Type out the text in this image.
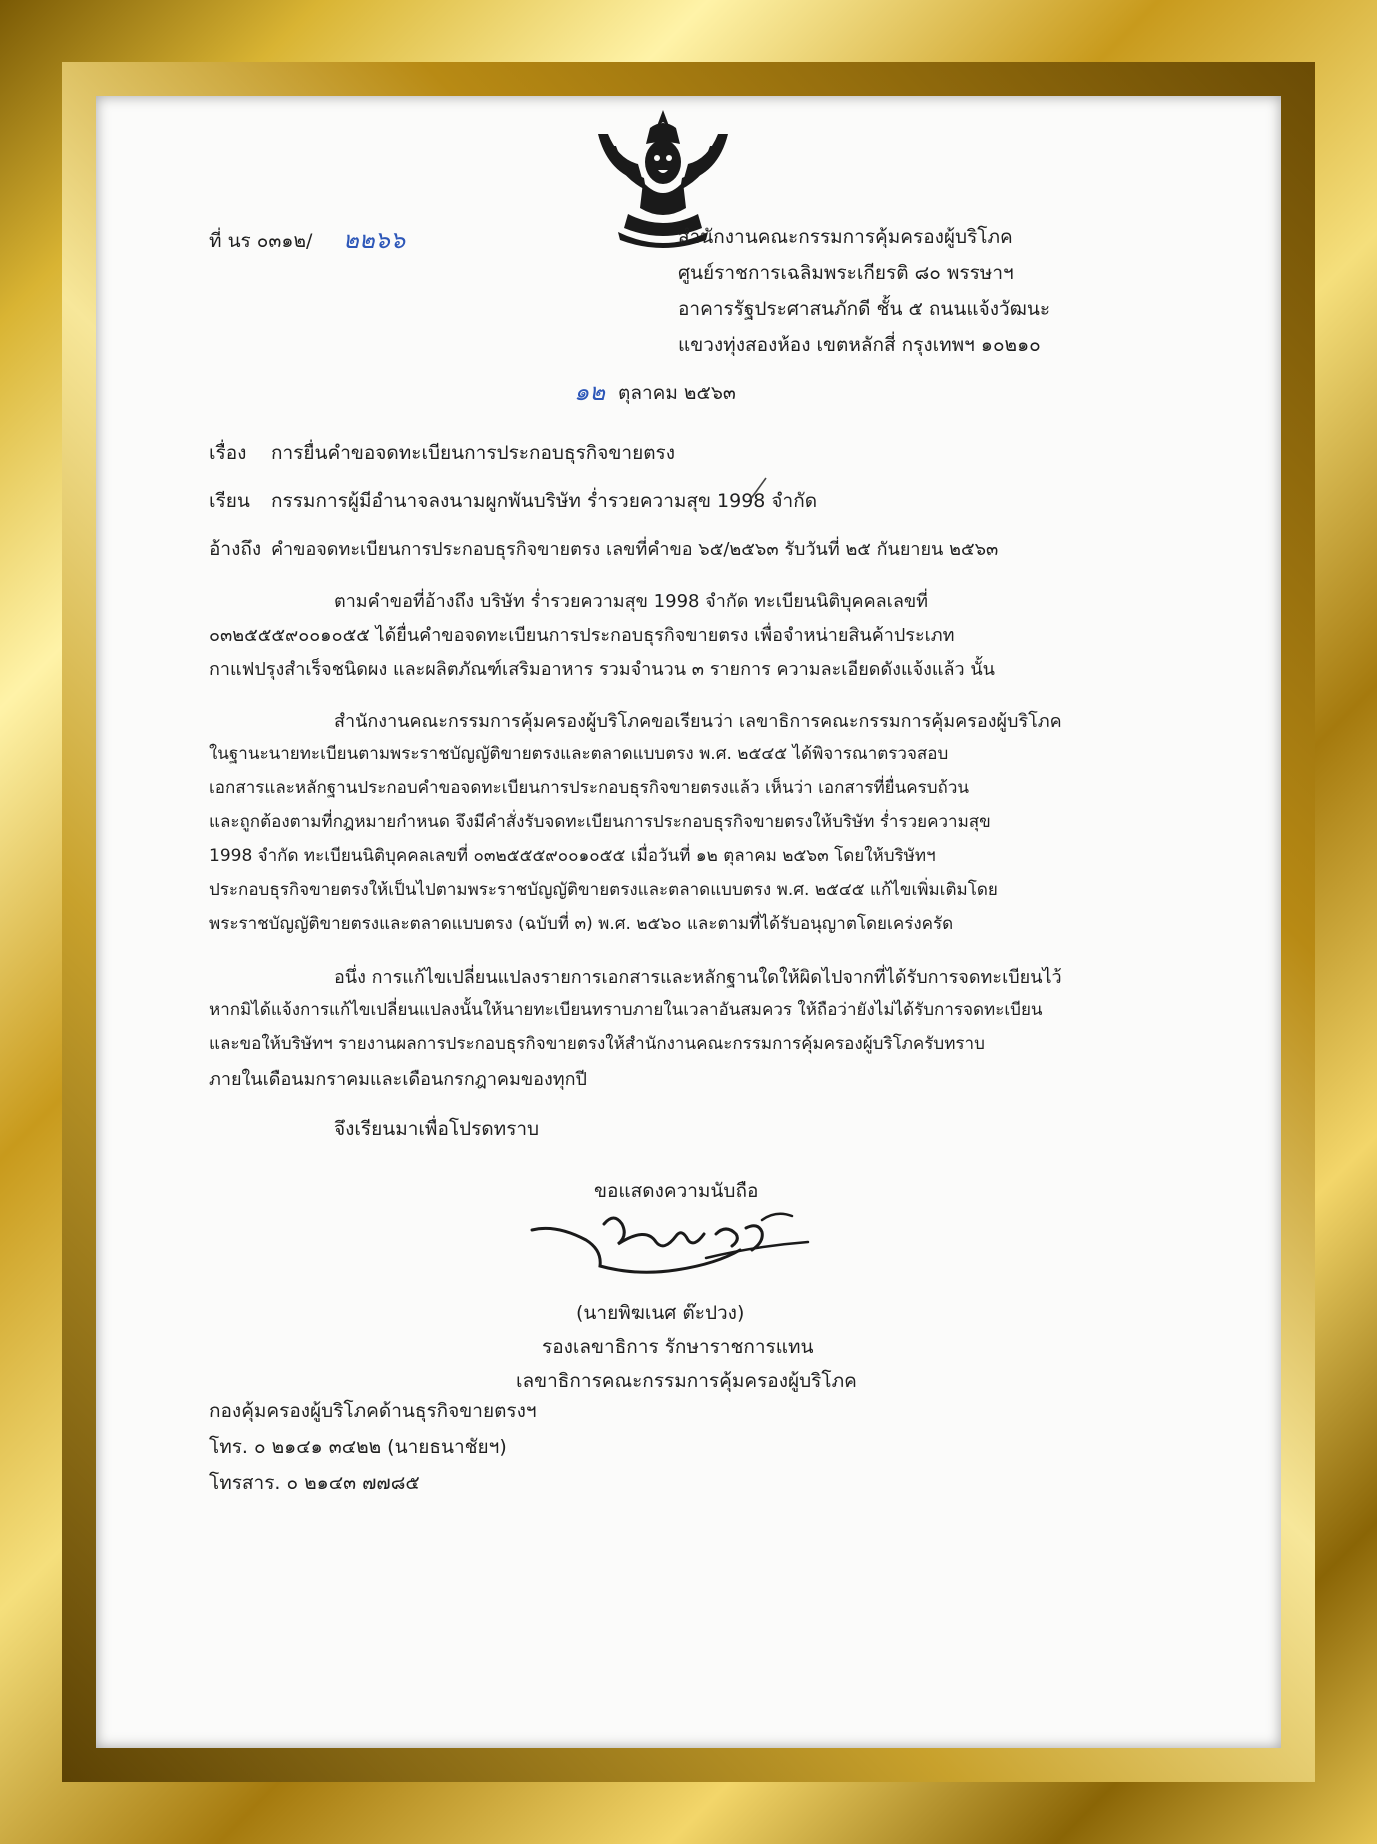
ที่ นร ๐๓๑๒/ ๒๒๖๖	สำนักงานคณะกรรมการคุ้มครองผู้บริโภค
ศูนย์ราชการเฉลิมพระเกียรติ ๘๐ พรรษาฯ
อาคารรัฐประศาสนภักดี ชั้น ๕ ถนนแจ้งวัฒนะ
แขวงทุ่งสองห้อง เขตหลักสี่ กรุงเทพฯ ๑๐๒๑๐
๑๒ ตุลาคม ๒๕๖๓
เรื่อง การยื่นคำขอจดทะเบียนการประกอบธุรกิจขายตรง
เรียน กรรมการผู้มีอำนาจลงนามผูกพันบริษัท ร่ำรวยความสุข 1998 จำกัด
อ้างถึง คำขอจดทะเบียนการประกอบธุรกิจขายตรง เลขที่คำขอ ๖๕/๒๕๖๓ รับวันที่ ๒๕ กันยายน ๒๕๖๓
ตามคำขอที่อ้างถึง บริษัท ร่ำรวยความสุข 1998 จำกัด ทะเบียนนิติบุคคลเลขที่
๐๓๒๕๕๕๙๐๐๑๐๕๕ ได้ยื่นคำขอจดทะเบียนการประกอบธุรกิจขายตรง เพื่อจำหน่ายสินค้าประเภท
กาแฟปรุงสำเร็จชนิดผง และผลิตภัณฑ์เสริมอาหาร รวมจำนวน ๓ รายการ ความละเอียดดังแจ้งแล้ว นั้น
สำนักงานคณะกรรมการคุ้มครองผู้บริโภคขอเรียนว่า เลขาธิการคณะกรรมการคุ้มครองผู้บริโภค
ในฐานะนายทะเบียนตามพระราชบัญญัติขายตรงและตลาดแบบตรง พ.ศ. ๒๕๔๕ ได้พิจารณาตรวจสอบ
เอกสารและหลักฐานประกอบคำขอจดทะเบียนการประกอบธุรกิจขายตรงแล้ว เห็นว่า เอกสารที่ยื่นครบถ้วน
และถูกต้องตามที่กฎหมายกำหนด จึงมีคำสั่งรับจดทะเบียนการประกอบธุรกิจขายตรงให้บริษัท ร่ำรวยความสุข
1998 จำกัด ทะเบียนนิติบุคคลเลขที่ ๐๓๒๕๕๕๙๐๐๑๐๕๕ เมื่อวันที่ ๑๒ ตุลาคม ๒๕๖๓ โดยให้บริษัทฯ
ประกอบธุรกิจขายตรงให้เป็นไปตามพระราชบัญญัติขายตรงและตลาดแบบตรง พ.ศ. ๒๕๔๕ แก้ไขเพิ่มเติมโดย
พระราชบัญญัติขายตรงและตลาดแบบตรง (ฉบับที่ ๓) พ.ศ. ๒๕๖๐ และตามที่ได้รับอนุญาตโดยเคร่งครัด
อนึ่ง การแก้ไขเปลี่ยนแปลงรายการเอกสารและหลักฐานใดให้ผิดไปจากที่ได้รับการจดทะเบียนไว้
หากมิได้แจ้งการแก้ไขเปลี่ยนแปลงนั้นให้นายทะเบียนทราบภายในเวลาอันสมควร ให้ถือว่ายังไม่ได้รับการจดทะเบียน
และขอให้บริษัทฯ รายงานผลการประกอบธุรกิจขายตรงให้สำนักงานคณะกรรมการคุ้มครองผู้บริโภครับทราบ
ภายในเดือนมกราคมและเดือนกรกฎาคมของทุกปี
จึงเรียนมาเพื่อโปรดทราบ
ขอแสดงความนับถือ
(นายพิฆเนศ ต๊ะปวง)
รองเลขาธิการ รักษาราชการแทน
เลขาธิการคณะกรรมการคุ้มครองผู้บริโภค
กองคุ้มครองผู้บริโภคด้านธุรกิจขายตรงฯ
โทร. ๐ ๒๑๔๑ ๓๔๒๒ (นายธนาชัยฯ)
โทรสาร. ๐ ๒๑๔๓ ๗๗๘๕
